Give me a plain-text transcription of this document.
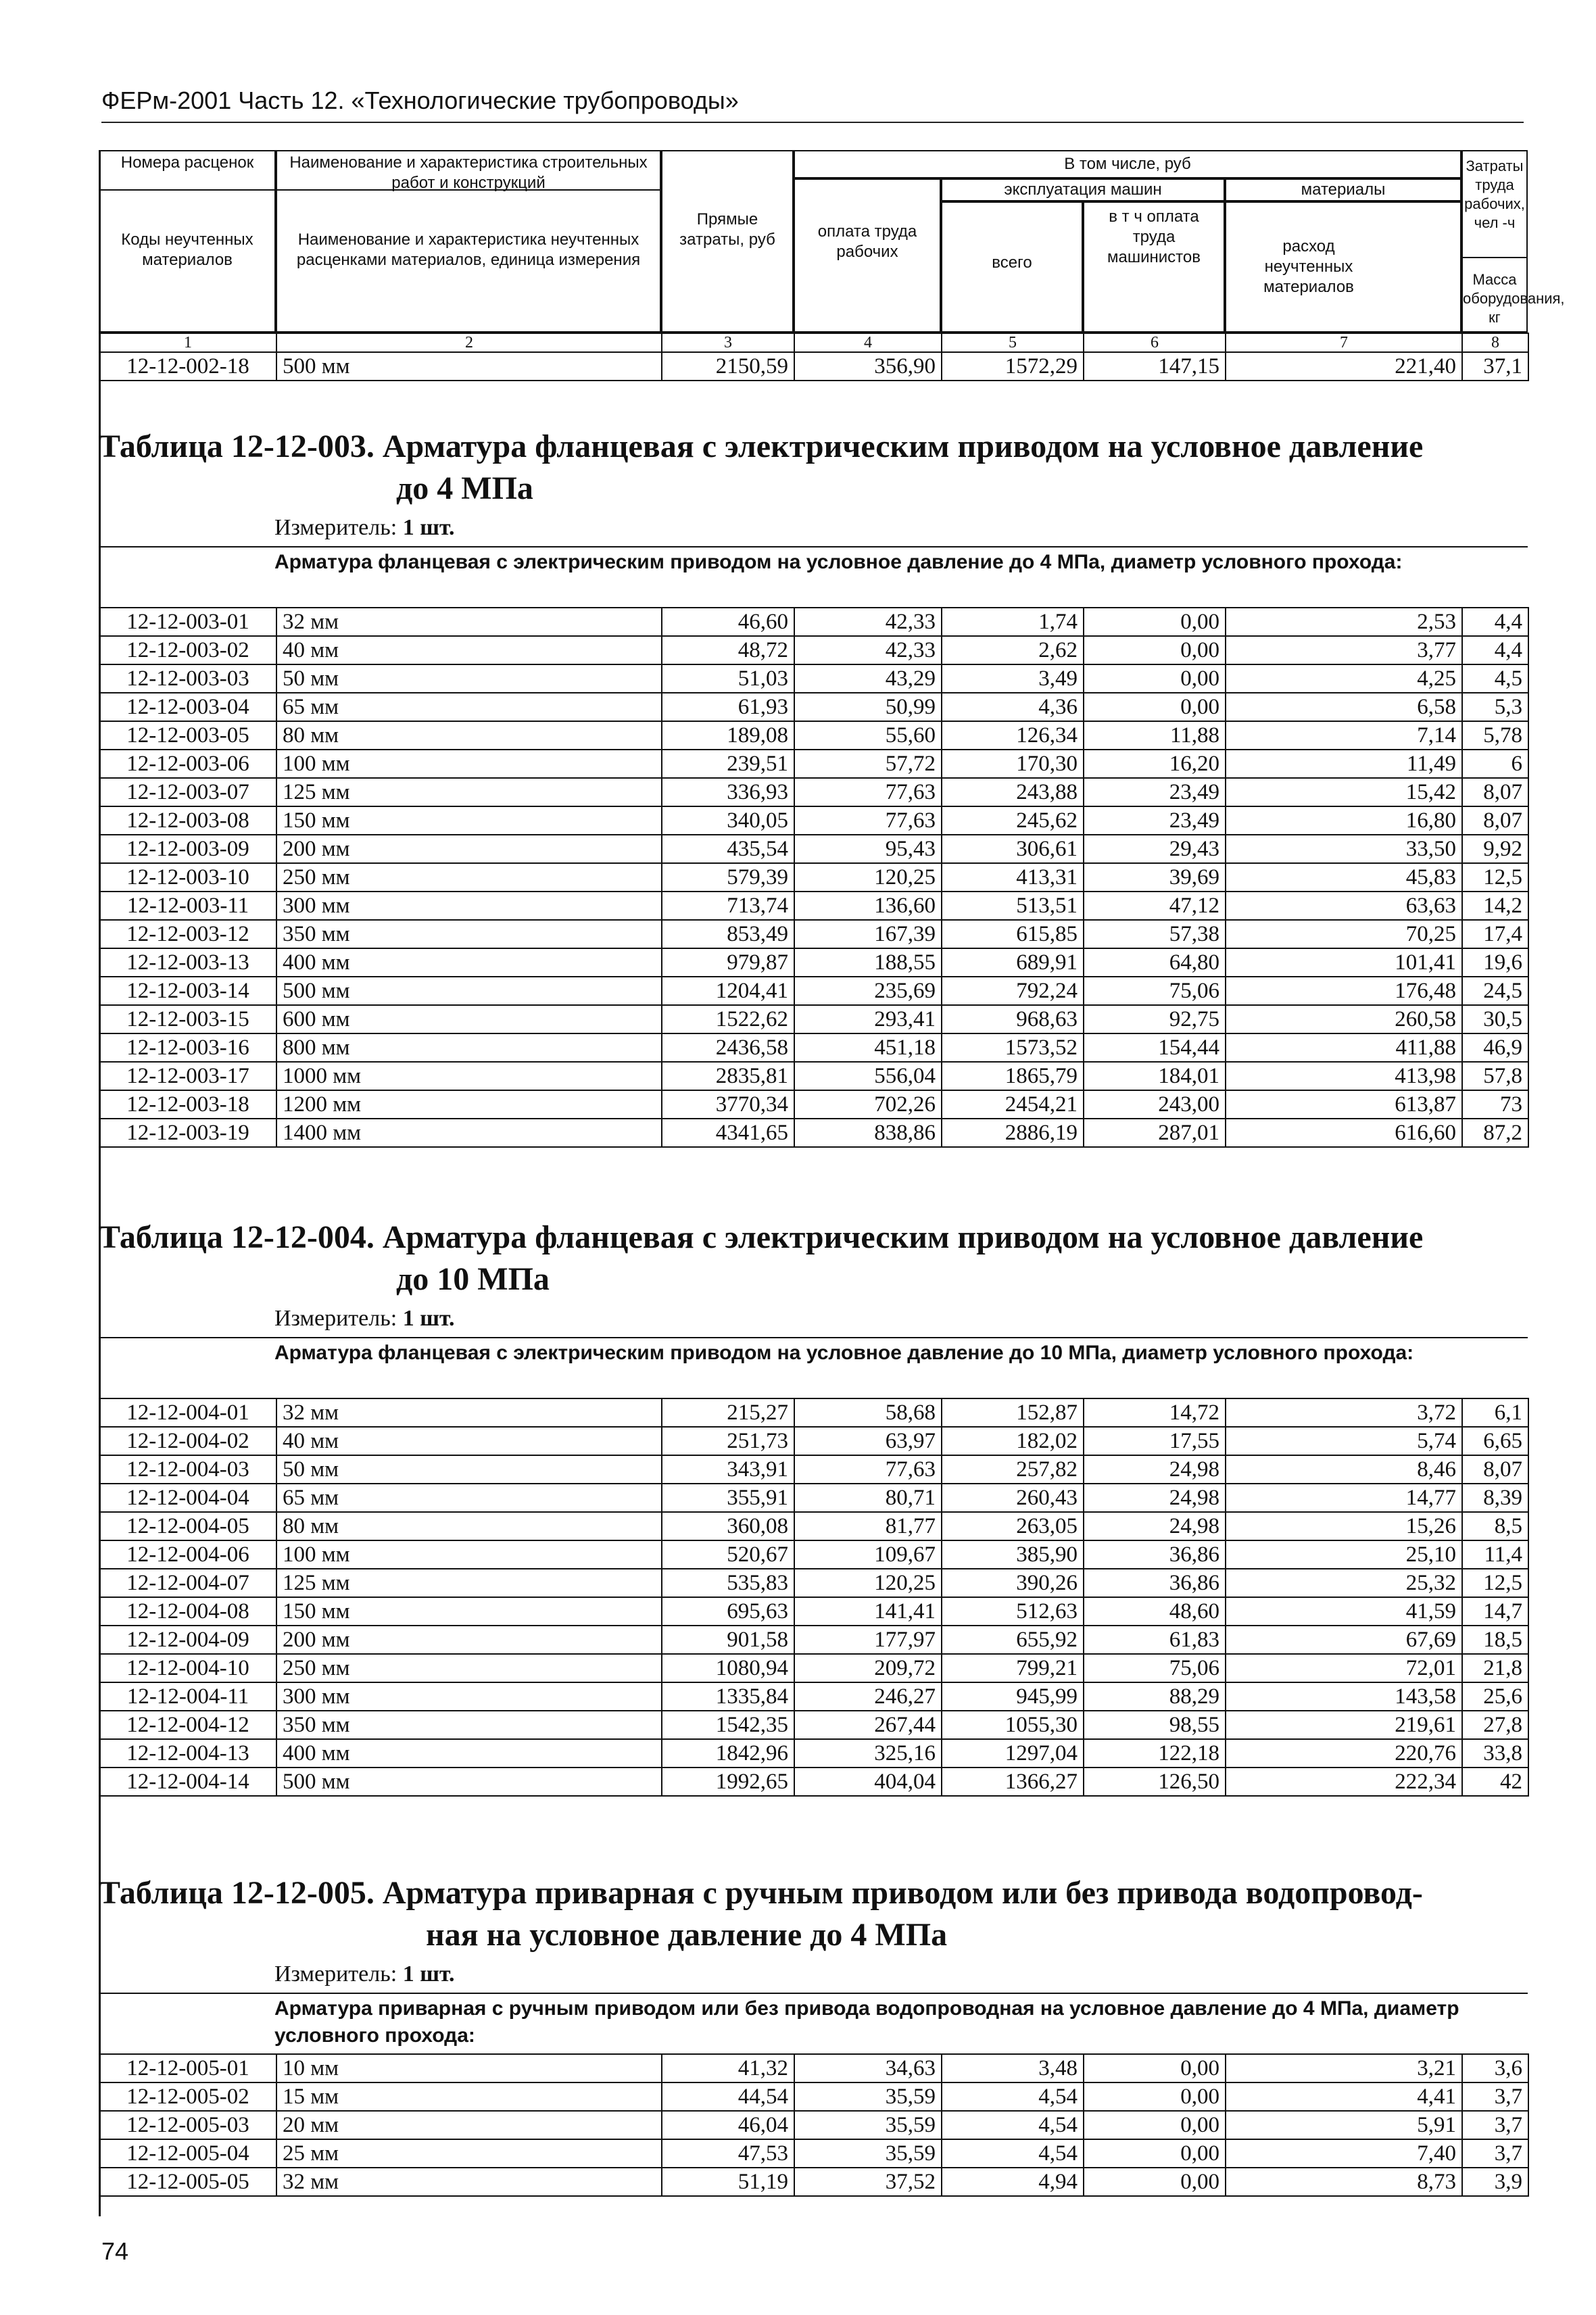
ФЕРм-2001 Часть 12. «Технологические трубопроводы»
Номера расценок
Коды неучтенных материалов
Наименование и характеристика строительных работ и конструкций
Наименование и характеристика неучтенных расценками материалов, единица измерения
Прямые затраты, руб
В том числе, руб
оплата труда рабочих
эксплуатация машин
всего
в т ч оплата труда машинистов
материалы
расход неучтенных материалов
Затраты труда рабочих, чел -ч
Масса оборудования, кг
1	2	3	4	5	6	7	8
12-12-002-18	500 мм	2150,59	356,90	1572,29	147,15	221,40	37,1
Таблица 12-12-003. Арматура фланцевая с электрическим приводом на условное давление
до 4 МПа
Измеритель: 1 шт.
Арматура фланцевая с электрическим приводом на условное давление до 4 МПа, диаметр условного прохода:
12-12-003-01	32 мм	46,60	42,33	1,74	0,00	2,53	4,4
12-12-003-02	40 мм	48,72	42,33	2,62	0,00	3,77	4,4
12-12-003-03	50 мм	51,03	43,29	3,49	0,00	4,25	4,5
12-12-003-04	65 мм	61,93	50,99	4,36	0,00	6,58	5,3
12-12-003-05	80 мм	189,08	55,60	126,34	11,88	7,14	5,78
12-12-003-06	100 мм	239,51	57,72	170,30	16,20	11,49	6
12-12-003-07	125 мм	336,93	77,63	243,88	23,49	15,42	8,07
12-12-003-08	150 мм	340,05	77,63	245,62	23,49	16,80	8,07
12-12-003-09	200 мм	435,54	95,43	306,61	29,43	33,50	9,92
12-12-003-10	250 мм	579,39	120,25	413,31	39,69	45,83	12,5
12-12-003-11	300 мм	713,74	136,60	513,51	47,12	63,63	14,2
12-12-003-12	350 мм	853,49	167,39	615,85	57,38	70,25	17,4
12-12-003-13	400 мм	979,87	188,55	689,91	64,80	101,41	19,6
12-12-003-14	500 мм	1204,41	235,69	792,24	75,06	176,48	24,5
12-12-003-15	600 мм	1522,62	293,41	968,63	92,75	260,58	30,5
12-12-003-16	800 мм	2436,58	451,18	1573,52	154,44	411,88	46,9
12-12-003-17	1000 мм	2835,81	556,04	1865,79	184,01	413,98	57,8
12-12-003-18	1200 мм	3770,34	702,26	2454,21	243,00	613,87	73
12-12-003-19	1400 мм	4341,65	838,86	2886,19	287,01	616,60	87,2
Таблица 12-12-004. Арматура фланцевая с электрическим приводом на условное давление
до 10 МПа
Измеритель: 1 шт.
Арматура фланцевая с электрическим приводом на условное давление до 10 МПа, диаметр условного прохода:
12-12-004-01	32 мм	215,27	58,68	152,87	14,72	3,72	6,1
12-12-004-02	40 мм	251,73	63,97	182,02	17,55	5,74	6,65
12-12-004-03	50 мм	343,91	77,63	257,82	24,98	8,46	8,07
12-12-004-04	65 мм	355,91	80,71	260,43	24,98	14,77	8,39
12-12-004-05	80 мм	360,08	81,77	263,05	24,98	15,26	8,5
12-12-004-06	100 мм	520,67	109,67	385,90	36,86	25,10	11,4
12-12-004-07	125 мм	535,83	120,25	390,26	36,86	25,32	12,5
12-12-004-08	150 мм	695,63	141,41	512,63	48,60	41,59	14,7
12-12-004-09	200 мм	901,58	177,97	655,92	61,83	67,69	18,5
12-12-004-10	250 мм	1080,94	209,72	799,21	75,06	72,01	21,8
12-12-004-11	300 мм	1335,84	246,27	945,99	88,29	143,58	25,6
12-12-004-12	350 мм	1542,35	267,44	1055,30	98,55	219,61	27,8
12-12-004-13	400 мм	1842,96	325,16	1297,04	122,18	220,76	33,8
12-12-004-14	500 мм	1992,65	404,04	1366,27	126,50	222,34	42
Таблица 12-12-005. Арматура приварная с ручным приводом или без привода водопровод-
ная на условное давление до 4 МПа
Измеритель: 1 шт.
Арматура приварная с ручным приводом или без привода водопроводная на условное давление до 4 МПа, диаметр условного прохода:
12-12-005-01	10 мм	41,32	34,63	3,48	0,00	3,21	3,6
12-12-005-02	15 мм	44,54	35,59	4,54	0,00	4,41	3,7
12-12-005-03	20 мм	46,04	35,59	4,54	0,00	5,91	3,7
12-12-005-04	25 мм	47,53	35,59	4,54	0,00	7,40	3,7
12-12-005-05	32 мм	51,19	37,52	4,94	0,00	8,73	3,9
74
